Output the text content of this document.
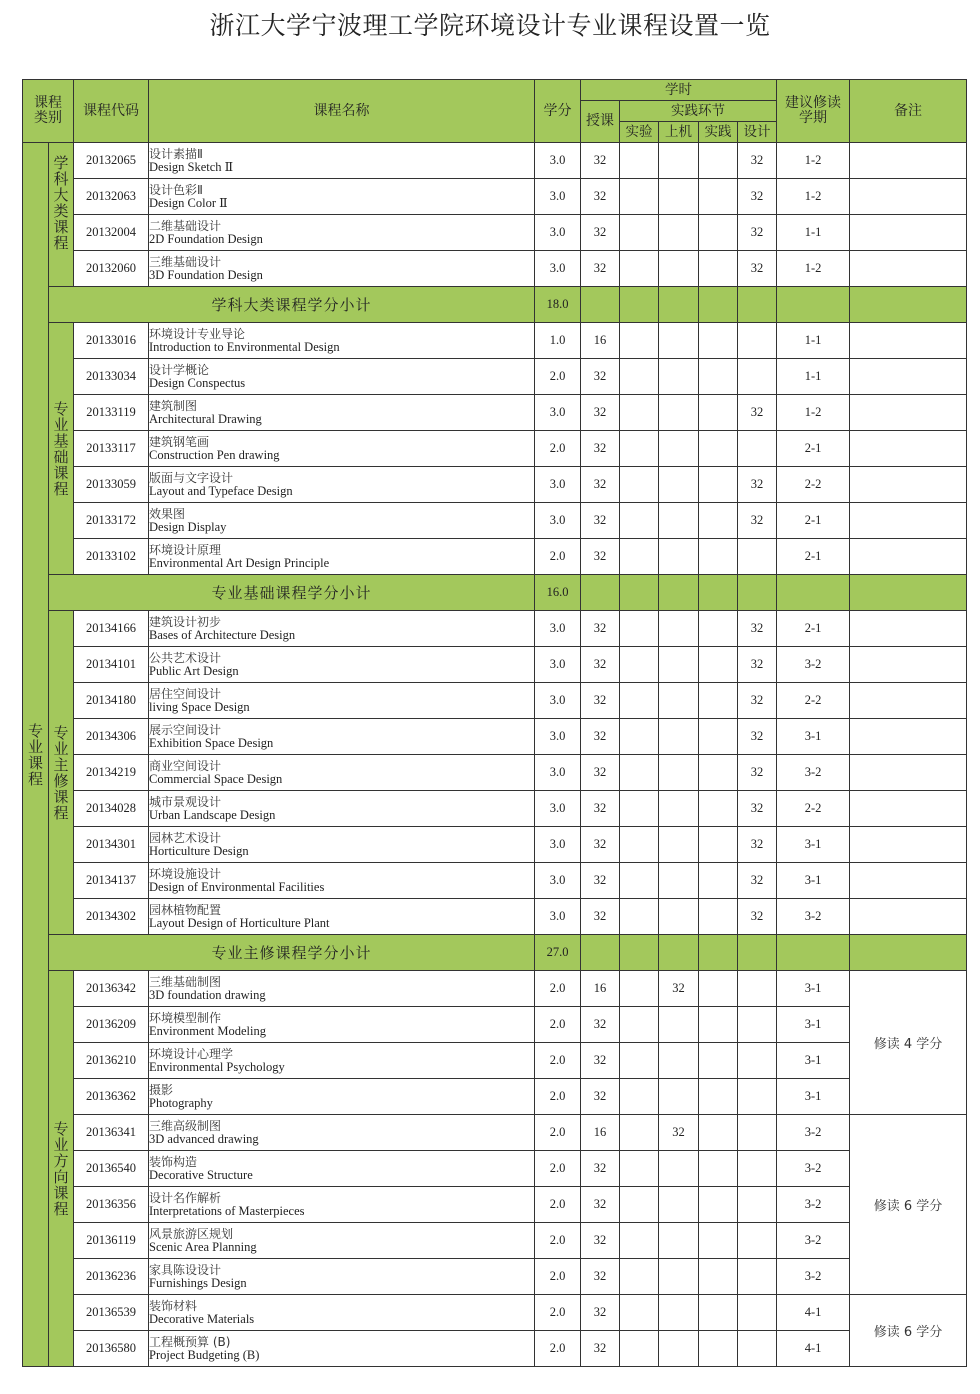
浙江大学宁波理工学院环境设计专业课程设置一览
课程类别		课程代码	课程名称	学分	学时					建议修读学期	备注
					授课	实践环节					
						实验	上机	实践	设计		
专业课程	学科大类课程	20132065	设计素描Ⅱ
Design Sketch Ⅱ	3.0	32				32	1-2	
		20132063	设计色彩Ⅱ
Design Color Ⅱ	3.0	32				32	1-2	
		20132004	二维基础设计
2D Foundation Design	3.0	32				32	1-1	
		20132060	三维基础设计
3D Foundation Design	3.0	32				32	1-2	
	学科大类课程学分小计			18.0							
	专业基础课程	20133016	环境设计专业导论
Introduction to Environmental Design	1.0	16					1-1	
		20133034	设计学概论
Design Conspectus	2.0	32					1-1	
		20133119	建筑制图
Architectural Drawing	3.0	32				32	1-2	
		20133117	建筑钢笔画
Construction Pen drawing	2.0	32					2-1	
		20133059	版面与文字设计
Layout and Typeface Design	3.0	32				32	2-2	
		20133172	效果图
Design Display	3.0	32				32	2-1	
		20133102	环境设计原理
Environmental Art Design Principle	2.0	32					2-1	
	专业基础课程学分小计			16.0							
	专业主修课程	20134166	建筑设计初步
Bases of Architecture Design	3.0	32				32	2-1	
		20134101	公共艺术设计
Public Art Design	3.0	32				32	3-2	
		20134180	居住空间设计
living Space Design	3.0	32				32	2-2	
		20134306	展示空间设计
Exhibition Space Design	3.0	32				32	3-1	
		20134219	商业空间设计
Commercial Space Design	3.0	32				32	3-2	
		20134028	城市景观设计
Urban Landscape Design	3.0	32				32	2-2	
		20134301	园林艺术设计
Horticulture Design	3.0	32				32	3-1	
		20134137	环境设施设计
Design of Environmental Facilities	3.0	32				32	3-1	
		20134302	园林植物配置
Layout Design of Horticulture Plant	3.0	32				32	3-2	
	专业主修课程学分小计			27.0							
	专业方向课程	20136342	三维基础制图
3D foundation drawing	2.0	16		32			3-1	修读 4 学分
		20136209	环境模型制作
Environment Modeling	2.0	32					3-1	
		20136210	环境设计心理学
Environmental Psychology	2.0	32					3-1	
		20136362	摄影
Photography	2.0	32					3-1	
		20136341	三维高级制图
3D advanced drawing	2.0	16		32			3-2	修读 6 学分
		20136540	装饰构造
Decorative Structure	2.0	32					3-2	
		20136356	设计名作解析
Interpretations of Masterpieces	2.0	32					3-2	
		20136119	风景旅游区规划
Scenic Area Planning	2.0	32					3-2	
		20136236	家具陈设设计
Furnishings Design	2.0	32					3-2	
		20136539	装饰材料
Decorative Materials	2.0	32					4-1	修读 6 学分
		20136580	工程概预算 (B)
Project Budgeting (B)	2.0	32					4-1	
